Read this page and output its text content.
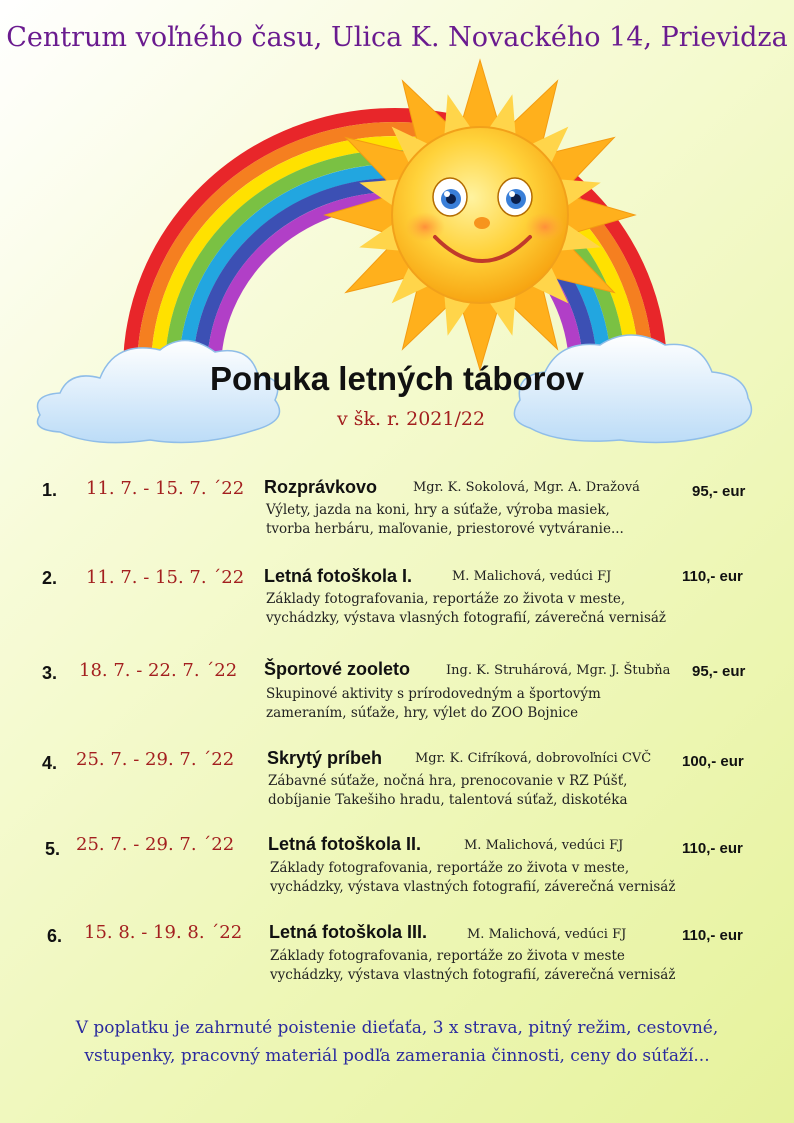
Centrum voľného času, Ulica K. Novackého 14, Prievidza
Ponuka letných táborov
v šk. r. 2021/22
1. 11. 7. - 15. 7. ´22 Rozprávkovo	Mgr. K. Sokolová, Mgr. A. Dražová	95,- eur
Výlety, jazda na koni, hry a súťaže, výroba masiek,
tvorba herbáru, maľovanie, priestorové vytváranie...
2. 11. 7. - 15. 7. ´22 Letná fotoškola I.	M. Malichová, vedúci FJ	110,- eur
Základy fotografovania, reportáže zo života v meste,
vychádzky, výstava vlasných fotografií, záverečná vernisáž
3. 18. 7. - 22. 7. ´22 Športové zooleto	Ing. K. Struhárová, Mgr. J. Štubňa 95,- eur
Skupinové aktivity s prírodovedným a športovým
zameraním, súťaže, hry, výlet do ZOO Bojnice
4. 25. 7. - 29. 7. ´22 Skrytý príbeh	Mgr. K. Cifríková, dobrovoľníci CVČ 100,- eur
Zábavné súťaže, nočná hra, prenocovanie v RZ Púšť,
dobíjanie Takešiho hradu, talentová súťaž, diskotéka
5. 25. 7. - 29. 7. ´22 Letná fotoškola II.	M. Malichová, vedúci FJ	110,- eur
Základy fotografovania, reportáže zo života v meste,
vychádzky, výstava vlastných fotografií, záverečná vernisáž
6. 15. 8. - 19. 8. ´22 Letná fotoškola III.	M. Malichová, vedúci FJ	110,- eur
Základy fotografovania, reportáže zo života v meste
vychádzky, výstava vlastných fotografií, záverečná vernisáž
V poplatku je zahrnuté poistenie dieťaťa, 3 x strava, pitný režim, cestovné,
vstupenky, pracovný materiál podľa zamerania činnosti, ceny do súťaží...
